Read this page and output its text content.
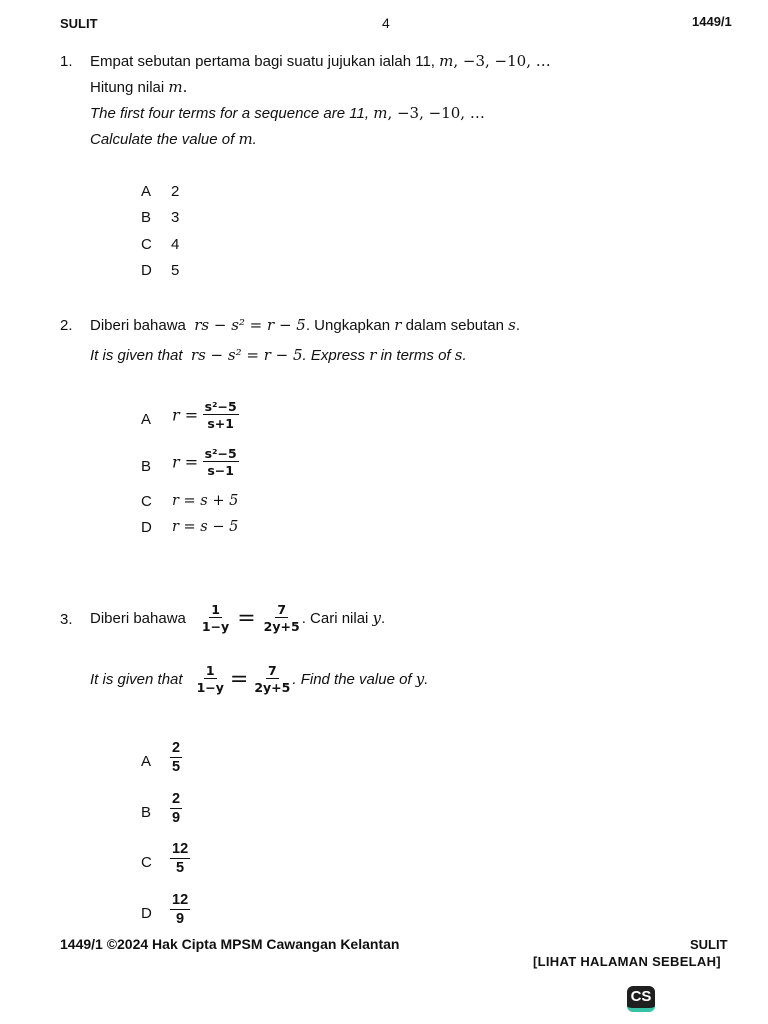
SULIT	4	1449/1
1. Empat sebutan pertama bagi suatu jujukan ialah 11, m, −3, −10, …
Hitung nilai m.
The first four terms for a sequence are 11, m, −3, −10, …
Calculate the value of m.
A 2
B 3
C 4
D 5
2. Diberi bahawa rs − s² = r − 5. Ungkapkan r dalam sebutan s.
It is given that rs − s² = r − 5. Express r in terms of s.
A $r = \frac{\text{s²−5}}{s+1}$
B $r = \frac{\text{s²−5}}{s-1}$
C r = s + 5
D r = s − 5
3. Diberi bahawa $\frac{1}{1-y} = \frac{7}{2y+5}$ . Cari nilai
y .
It is given that $\frac{1}{1-y} = \frac{7}{2y+5}$ . Find the value of
y .
A $\frac{2}{5}$
B $\frac{2}{9}$
C $\frac{12}{5}$
D $\frac{12}{9}$
1449/1 ©2024 Hak Cipta MPSM Cawangan Kelantan	SULIT
[LIHAT HALAMAN SEBELAH]
CS
